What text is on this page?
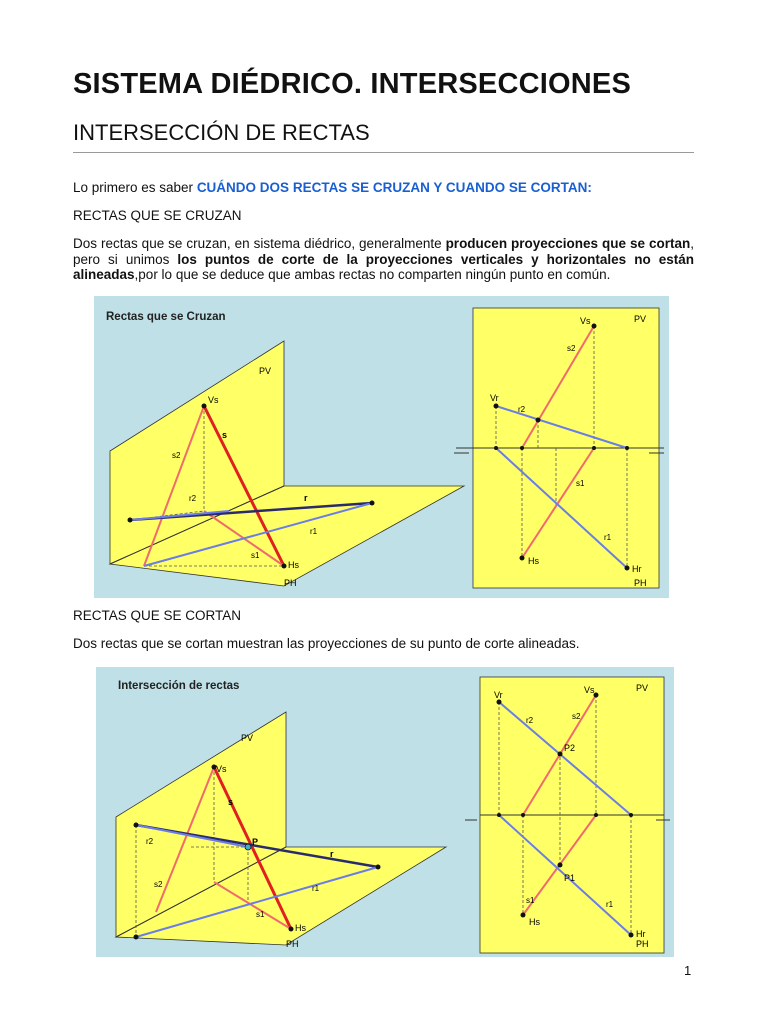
SISTEMA DIÉDRICO. INTERSECCIONES
INTERSECCIÓN DE RECTAS

Lo primero es saber CUÁNDO DOS RECTAS SE CRUZAN Y CUANDO SE CORTAN:

RECTAS QUE SE CRUZAN

Dos rectas que se cruzan, en sistema diédrico, generalmente producen proyecciones que se cortan, pero si unimos los puntos de corte de la proyecciones verticales y horizontales no están alineadas,por lo que se deduce que ambas rectas no comparten ningún punto en común.

Rectas que se Cruzan
PV
PH
Vs
Hs
s
s2
s1
r
r1
r2
PV
PH
Vs
Vr
Hs
Hr
s2
s1
r2
r1

RECTAS QUE SE CORTAN

Dos rectas que se cortan muestran las proyecciones de su punto de corte alineadas.

Intersección de rectas
PV
PH
Vs
Hs
s
s2
s1
r
r1
r2	P
PV
PH
Vs
Vr
Hs
Hr
P2
P1
s2
s1
r2
r1
1
